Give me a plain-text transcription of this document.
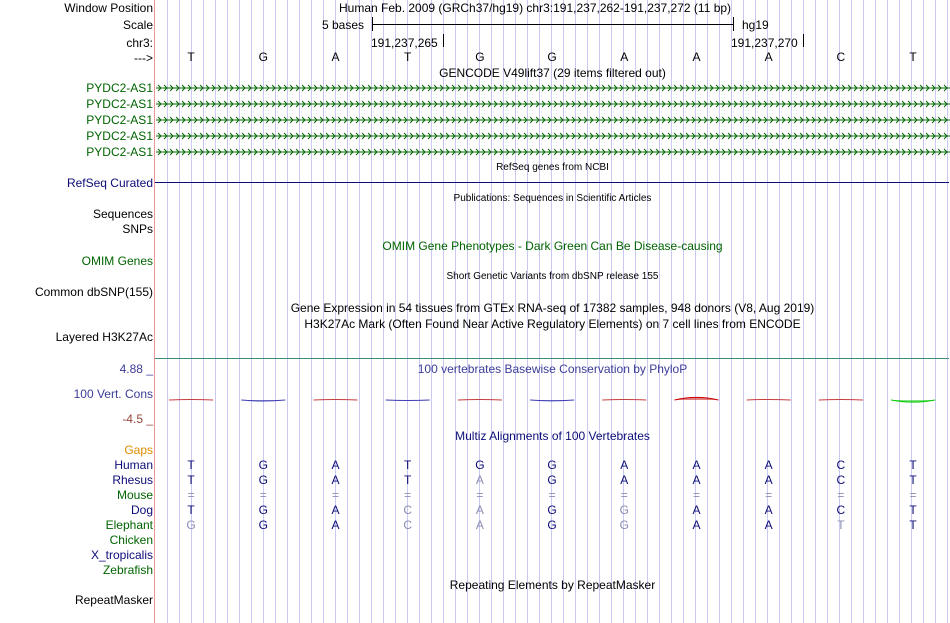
Window Position
Scale
chr3:
--->
Human Feb. 2009 (GRCh37/hg19) chr3:191,237,262-191,237,272 (11 bp)
5 bases	hg19
191,237,265	191,237,270
T	G	A	T	G	G	A	A	A	C	T
GENCODE V49lift37 (29 items filtered out)
PYDC2-AS1
PYDC2-AS1
PYDC2-AS1
PYDC2-AS1
PYDC2-AS1
RefSeq genes from NCBI
RefSeq Curated
Publications: Sequences in Scientific Articles
Sequences
SNPs
OMIM Gene Phenotypes - Dark Green Can Be Disease-causing
OMIM Genes
Short Genetic Variants from dbSNP release 155
Common dbSNP(155)
Gene Expression in 54 tissues from GTEx RNA-seq of 17382 samples, 948 donors (V8, Aug 2019)
H3K27Ac Mark (Often Found Near Active Regulatory Elements) on 7 cell lines from ENCODE
Layered H3K27Ac
100 vertebrates Basewise Conservation by PhyloP
4.88 _
100 Vert. Cons
-4.5 _
Multiz Alignments of 100 Vertebrates
Gaps
Human	T	G	A	T	G	G	A	A	A	C	T
Rhesus	T	G	A	T	A	G	A	A	A	C	T
Mouse	=	=	=	=	=	=	=	=	=	=	=
Dog	T	G	A	C	A	G	G	A	A	C	T
Elephant	G	G	A	C	A	G	G	A	A	T	T
Chicken
X_tropicalis
Zebrafish
Repeating Elements by RepeatMasker
RepeatMasker
